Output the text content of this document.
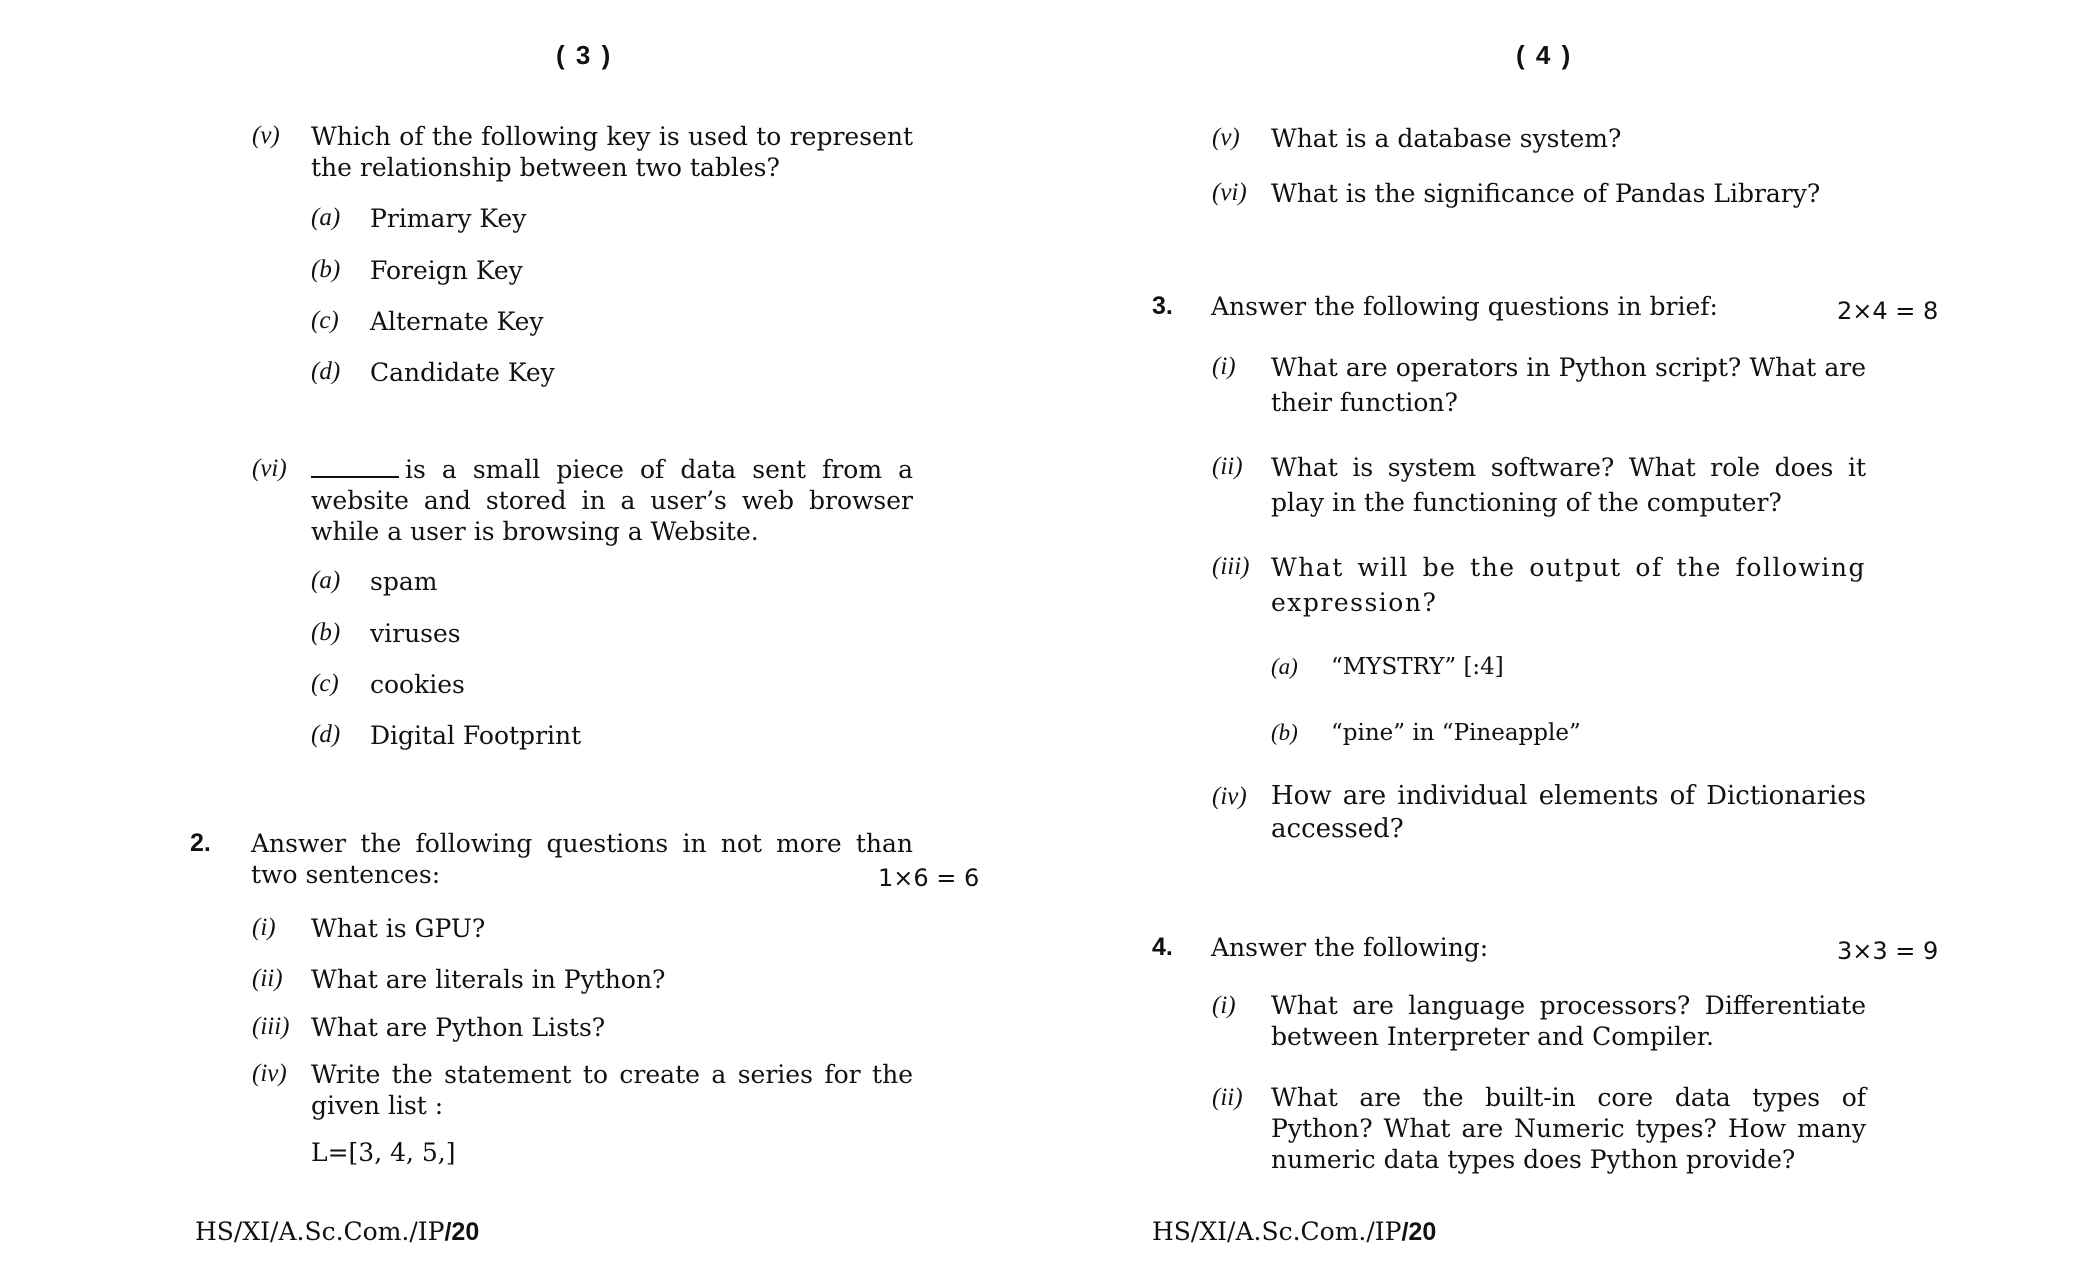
( 3 )
(v) Which of the following key is used to represent the relationship between two tables?
(a) Primary Key
(b) Foreign Key
(c) Alternate Key
(d) Candidate Key
(vi)	is a small piece of data sent from a website and stored in a user’s web browser while a user is browsing a Website.
(a) spam
(b) viruses
(c) cookies
(d) Digital Footprint
2. Answer the following questions in not more than two sentences:	1×6 = 6
(i) What is GPU?
(ii) What are literals in Python?
(iii) What are Python Lists?
(iv) Write the statement to create a series for the given list :
L=[3, 4, 5,]
HS/XI/A.Sc.Com./IP/20
( 4 )
(v) What is a database system?
(vi) What is the significance of Pandas Library?
3. Answer the following questions in brief:	2×4 = 8
(i) What are operators in Python script? What are their function?
(ii) What is system software? What role does it play in the functioning of the computer?
(iii) What will be the output of the following expression?
(a) “MYSTRY” [:4]
(b) “pine” in “Pineapple”
(iv) How are individual elements of Dictionaries accessed?
4. Answer the following:	3×3 = 9
(i) What are language processors? Differentiate between Interpreter and Compiler.
(ii) What are the built-in core data types of Python? What are Numeric types? How many numeric data types does Python provide?
HS/XI/A.Sc.Com./IP/20
